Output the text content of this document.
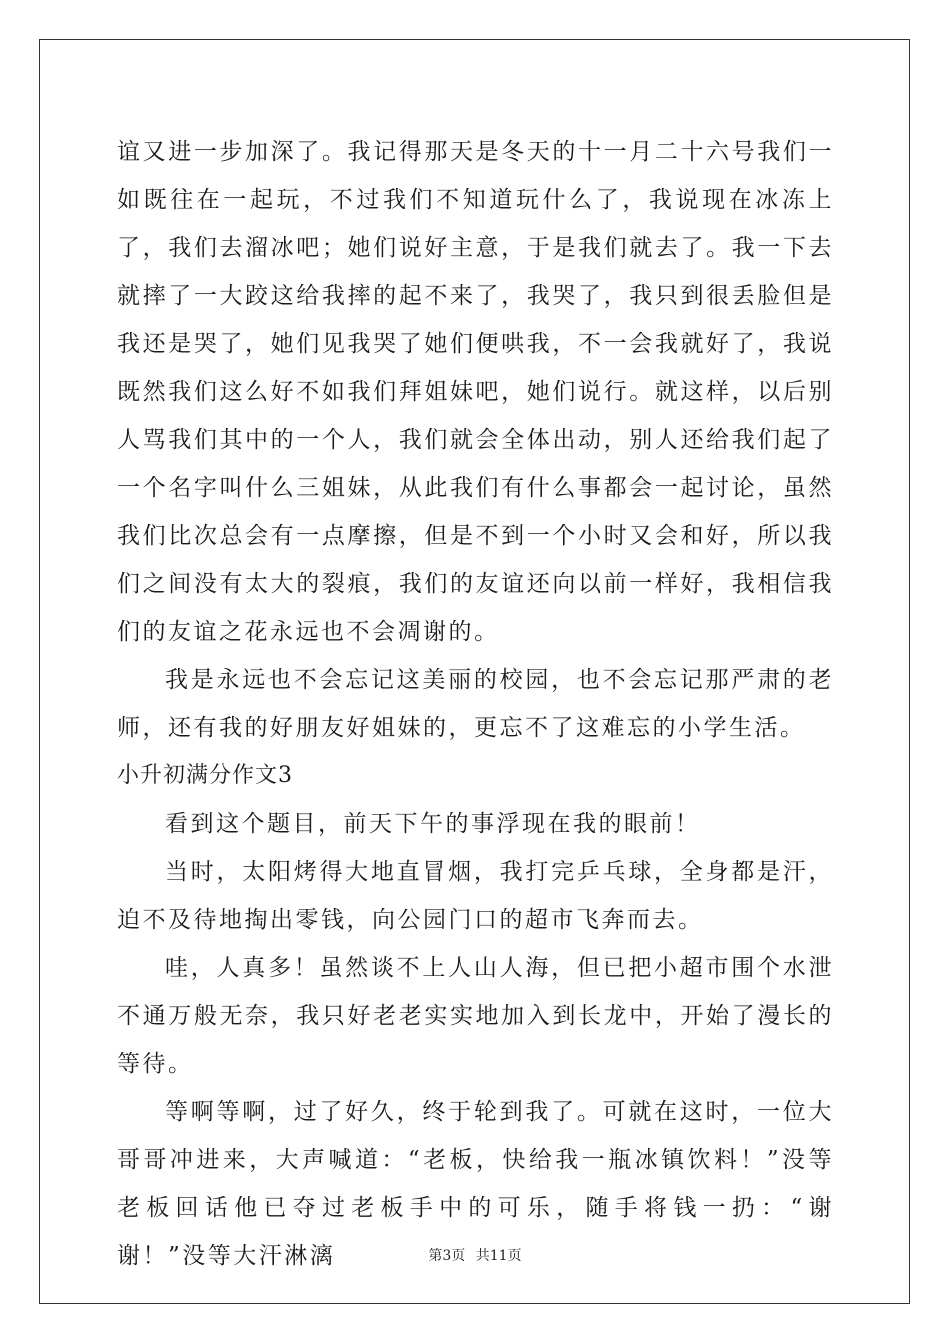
谊又进一步加深了。我记得那天是冬天的十一月二十六号我们一如既往在一起玩，不过我们不知道玩什么了，我说现在冰冻上了，我们去溜冰吧；她们说好主意，于是我们就去了。我一下去就摔了一大跤这给我摔的起不来了，我哭了，我只到很丢脸但是我还是哭了，她们见我哭了她们便哄我，不一会我就好了，我说既然我们这么好不如我们拜姐妹吧，她们说行。就这样，以后别人骂我们其中的一个人，我们就会全体出动，别人还给我们起了一个名字叫什么三姐妹，从此我们有什么事都会一起讨论，虽然我们比次总会有一点摩擦，但是不到一个小时又会和好，所以我们之间没有太大的裂痕，我们的友谊还向以前一样好，我相信我们的友谊之花永远也不会凋谢的。

我是永远也不会忘记这美丽的校园，也不会忘记那严肃的老师，还有我的好朋友好姐妹的，更忘不了这难忘的小学生活。

小升初满分作文3

看到这个题目，前天下午的事浮现在我的眼前！

当时，太阳烤得大地直冒烟，我打完乒乓球，全身都是汗，迫不及待地掏出零钱，向公园门口的超市飞奔而去。

哇，人真多！虽然谈不上人山人海，但已把小超市围个水泄不通万般无奈，我只好老老实实地加入到长龙中，开始了漫长的等待。

等啊等啊，过了好久，终于轮到我了。可就在这时，一位大哥哥冲进来，大声喊道：“老板，快给我一瓶冰镇饮料！”没等老板回话他已夺过老板手中的可乐，随手将钱一扔：“谢谢！”没等大汗淋漓	第3页 共11页
